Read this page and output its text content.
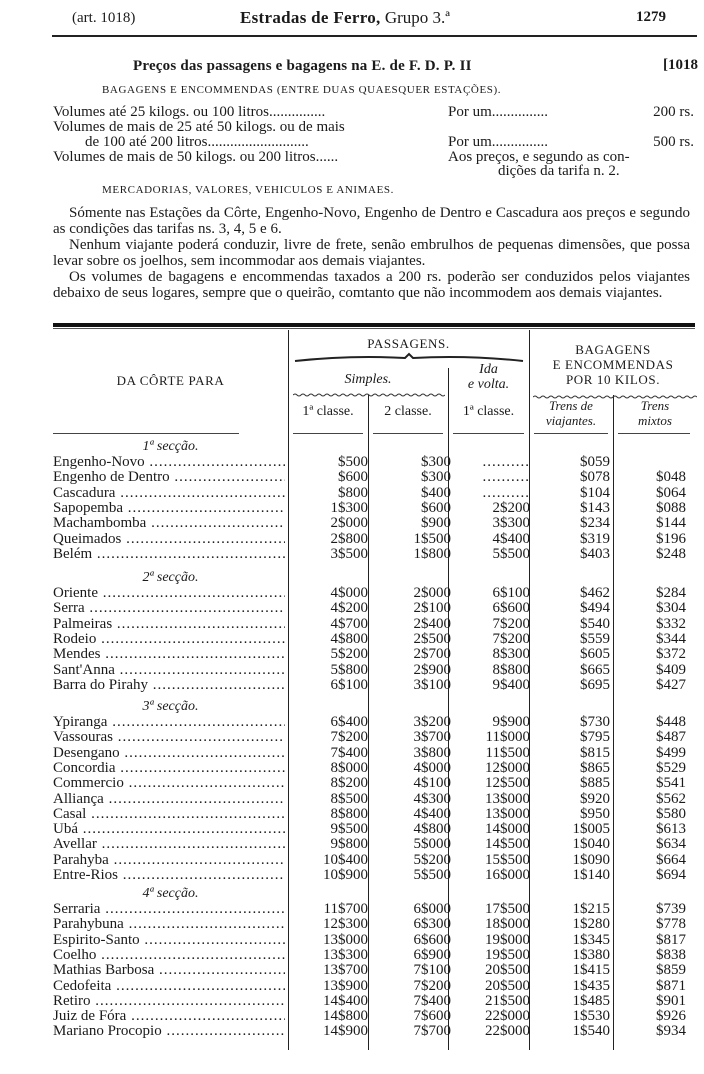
(art. 1018)	Estradas de Ferro, Grupo 3.ª	1279
Preços das passagens e bagagens na E. de F. D. P. II	[1018
BAGAGENS E ENCOMMENDAS (ENTRE DUAS QUAESQUER ESTAÇÕES).
Volumes até 25 kilogs. ou 100 litros...............	Por um...............	200 rs.
Volumes de mais de 25 até 50 kilogs. ou de mais
de 100 até 200 litros...........................	Por um...............	500 rs.
Volumes de mais de 50 kilogs. ou 200 litros......	Aos preços, e segundo as con-
dições da tarifa n. 2.
MERCADORIAS, VALORES, VEHICULOS E ANIMAES.

Sómente nas Estações da Côrte, Engenho-Novo, Engenho de Dentro e Cascadura aos preços e segundo as condições das tarifas ns. 3, 4, 5 e 6.

Nenhum viajante poderá conduzir, livre de frete, senão embrulhos de pequenas dimensões, que possa levar sobre os joelhos, sem incommodar aos demais viajantes.

Os volumes de bagagens e encommendas taxados a 200 rs. poderão ser conduzidos pelos viajantes debaixo de seus logares, sempre que o queirão, comtanto que não incommodem aos demais viajantes.

DA CÔRTE PARA
PASSAGENS.
Simples.
Ida
e volta.
BAGAGENS
E ENCOMMENDAS
POR 10 KILOS.
1ª classe.	2 classe.	1ª classe.	Trens de
viajantes.
Trens
mixtos
1ª secção.
Engenho-Novo .....	$500	$300 ..........	$059
Engenho de Dentro .....	$600	$300 ..........	$078	$048
Cascadura .....	$800	$400 ..........	$104	$064
Sapopemba .....	1$300	$600	2$200	$143	$088
Machambomba .....	2$000	$900	3$300	$234	$144
Queimados .....	2$800	1$500	4$400	$319	$196
Belém .....	3$500	1$800	5$500	$403	$248
2ª secção.
Oriente .....	4$000	2$000	6$100	$462	$284
Serra .....	4$200	2$100	6$600	$494	$304
Palmeiras .....	4$700	2$400	7$200	$540	$332
Rodeio .....	4$800	2$500	7$200	$559	$344
Mendes .....	5$200	2$700	8$300	$605	$372
Sant'Anna .....	5$800	2$900	8$800	$665	$409
Barra do Pirahy .....	6$100	3$100	9$400	$695	$427
3ª secção.
Ypiranga .....	6$400	3$200	9$900	$730	$448
Vassouras .....	7$200	3$700 11$000	$795	$487
Desengano .....	7$400	3$800 11$500	$815	$499
Concordia .....	8$000	4$000 12$000	$865	$529
Commercio .....	8$200	4$100 12$500	$885	$541
Alliança .....	8$500	4$300 13$000	$920	$562
Casal .....	8$800	4$400 13$000	$950	$580
Ubá .....	9$500	4$800 14$000	1$005	$613
Avellar .....	9$800	5$000 14$500	1$040	$634
Parahyba .....	10$400	5$200 15$500	1$090	$664
Entre-Rios .....	10$900	5$500 16$000	1$140	$694
4ª secção.
Serraria .....	11$700	6$000 17$500	1$215	$739
Parahybuna .....	12$300	6$300 18$000	1$280	$778
Espirito-Santo .....	13$000	6$600 19$000	1$345	$817
Coelho .....	13$300	6$900 19$500	1$380	$838
Mathias Barbosa .....	13$700	7$100 20$500	1$415	$859
Cedofeita .....	13$900	7$200 20$500	1$435	$871
Retiro .....	14$400	7$400 21$500	1$485	$901
Juiz de Fóra .....	14$800	7$600 22$000	1$530	$926
Mariano Procopio .....	14$900	7$700 22$000	1$540	$934
